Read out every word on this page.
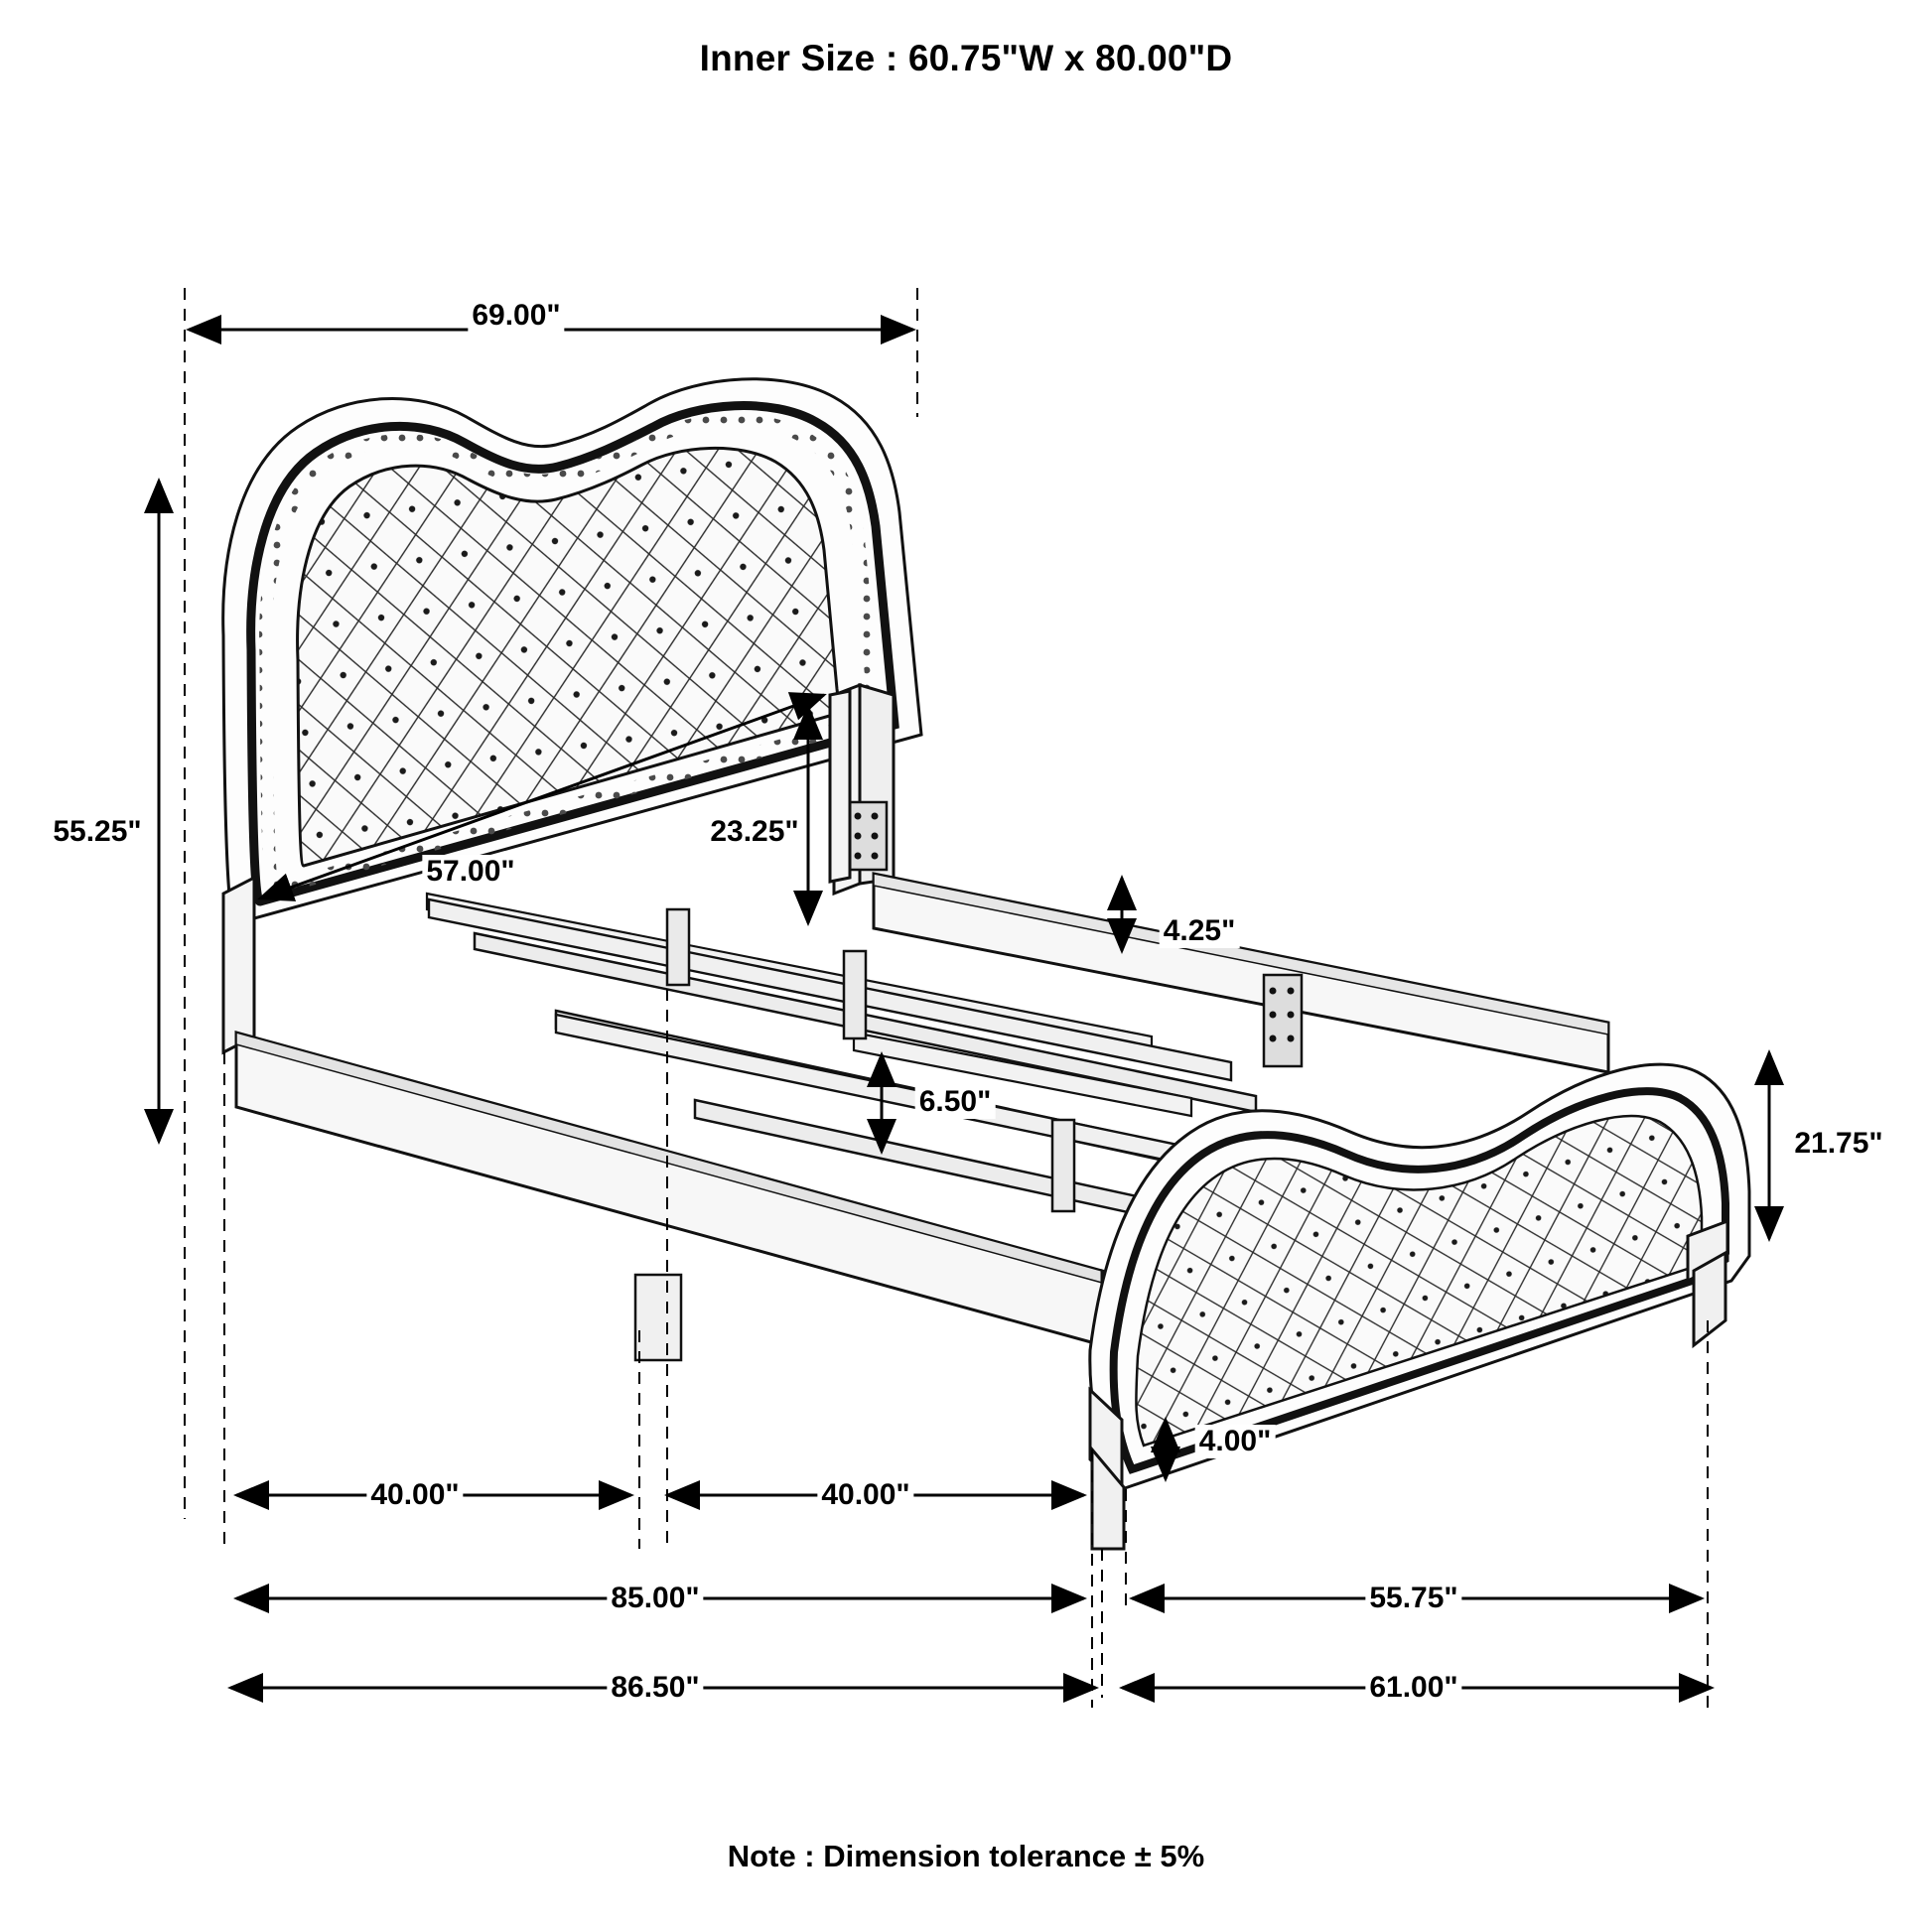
Inner Size : 60.75"W x 80.00"D
Note : Dimension tolerance ± 5%
69.00"
55.25"
57.00"
23.25"
4.25"
6.50"
21.75"
4.00"
40.00"	40.00"
85.00"	55.75"
86.50"	61.00"
